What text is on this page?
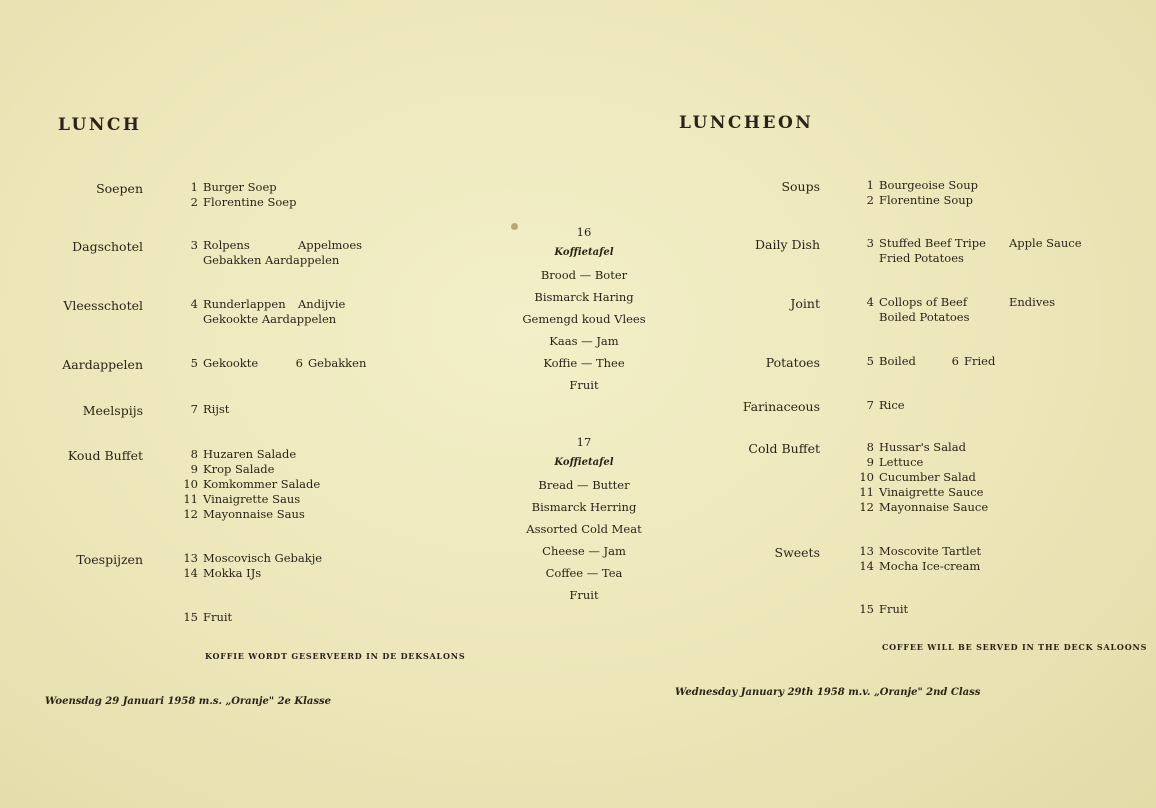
LUNCH
Soepen	1 Burger Soep
2 Florentine Soep
Dagschotel	3 Rolpens	Appelmoes
Gebakken Aardappelen
Vleesschotel	4 Runderlappen	Andijvie
Gekookte Aardappelen
Aardappelen	5 Gekookte	6 Gebakken
Meelspijs	7 Rijst
Koud Buffet	8 Huzaren Salade
9 Krop Salade
10 Komkommer Salade
11 Vinaigrette Saus
12 Mayonnaise Saus
Toespijzen	13 Moscovisch Gebakje
14 Mokka IJs
15 Fruit
KOFFIE WORDT GESERVEERD IN DE DEKSALONS
Woensdag 29 Januari 1958 m.s. „Oranje" 2e Klasse
16
Koffietafel
Brood — Boter
Bismarck Haring
Gemengd koud Vlees
Kaas — Jam
Koffie — Thee
Fruit
17
Koffietafel
Bread — Butter
Bismarck Herring
Assorted Cold Meat
Cheese — Jam
Coffee — Tea
Fruit
LUNCHEON
Soups	1 Bourgeoise Soup
2 Florentine Soup
Daily Dish	3 Stuffed Beef Tripe	Apple Sauce
Fried Potatoes
Joint	4 Collops of Beef	Endives
Boiled Potatoes
Potatoes	5 Boiled	6 Fried
Farinaceous	7 Rice
Cold Buffet	8 Hussar's Salad
9 Lettuce
10 Cucumber Salad
11 Vinaigrette Sauce
12 Mayonnaise Sauce
Sweets	13 Moscovite Tartlet
14 Mocha Ice-cream
15 Fruit
COFFEE WILL BE SERVED IN THE DECK SALOONS
Wednesday January 29th 1958 m.v. „Oranje" 2nd Class
